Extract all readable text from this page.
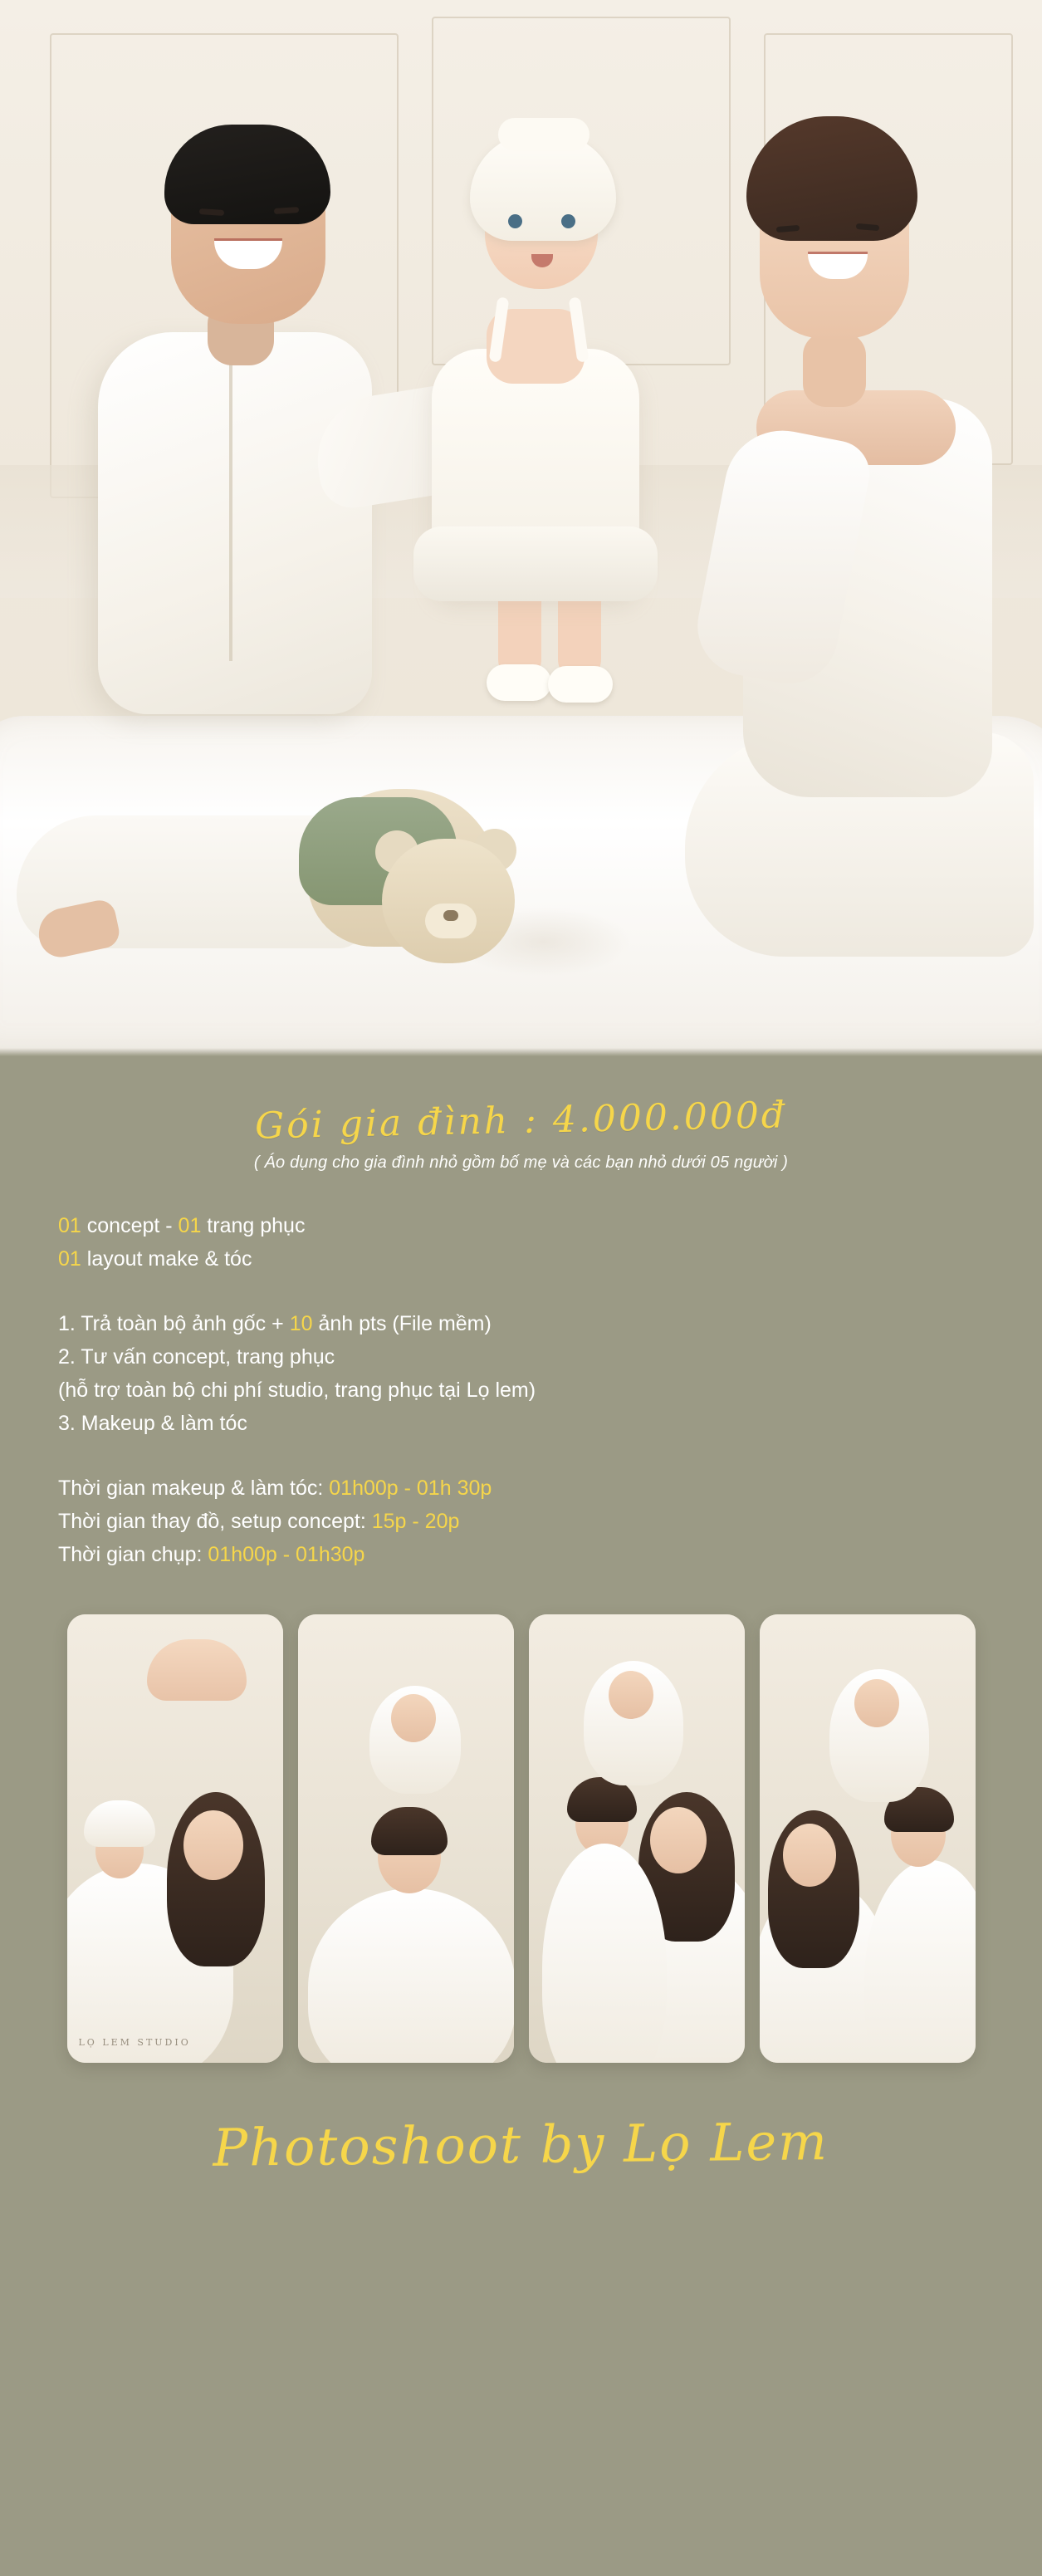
Gói gia đình : 4.000.000đ
( Áo dụng cho gia đình nhỏ gồm bố mẹ và các bạn nhỏ dưới 05 người )
01 concept - 01 trang phục
01 layout make & tóc
1. Trả toàn bộ ảnh gốc + 10 ảnh pts (File mềm)
2. Tư vấn concept, trang phục
(hỗ trợ toàn bộ chi phí studio, trang phục tại Lọ lem)
3. Makeup & làm tóc
Thời gian makeup & làm tóc: 01h00p - 01h 30p
Thời gian thay đồ, setup concept: 15p - 20p
Thời gian chụp: 01h00p - 01h30p
LỌ LEM STUDIO
Photoshoot by Lọ Lem
